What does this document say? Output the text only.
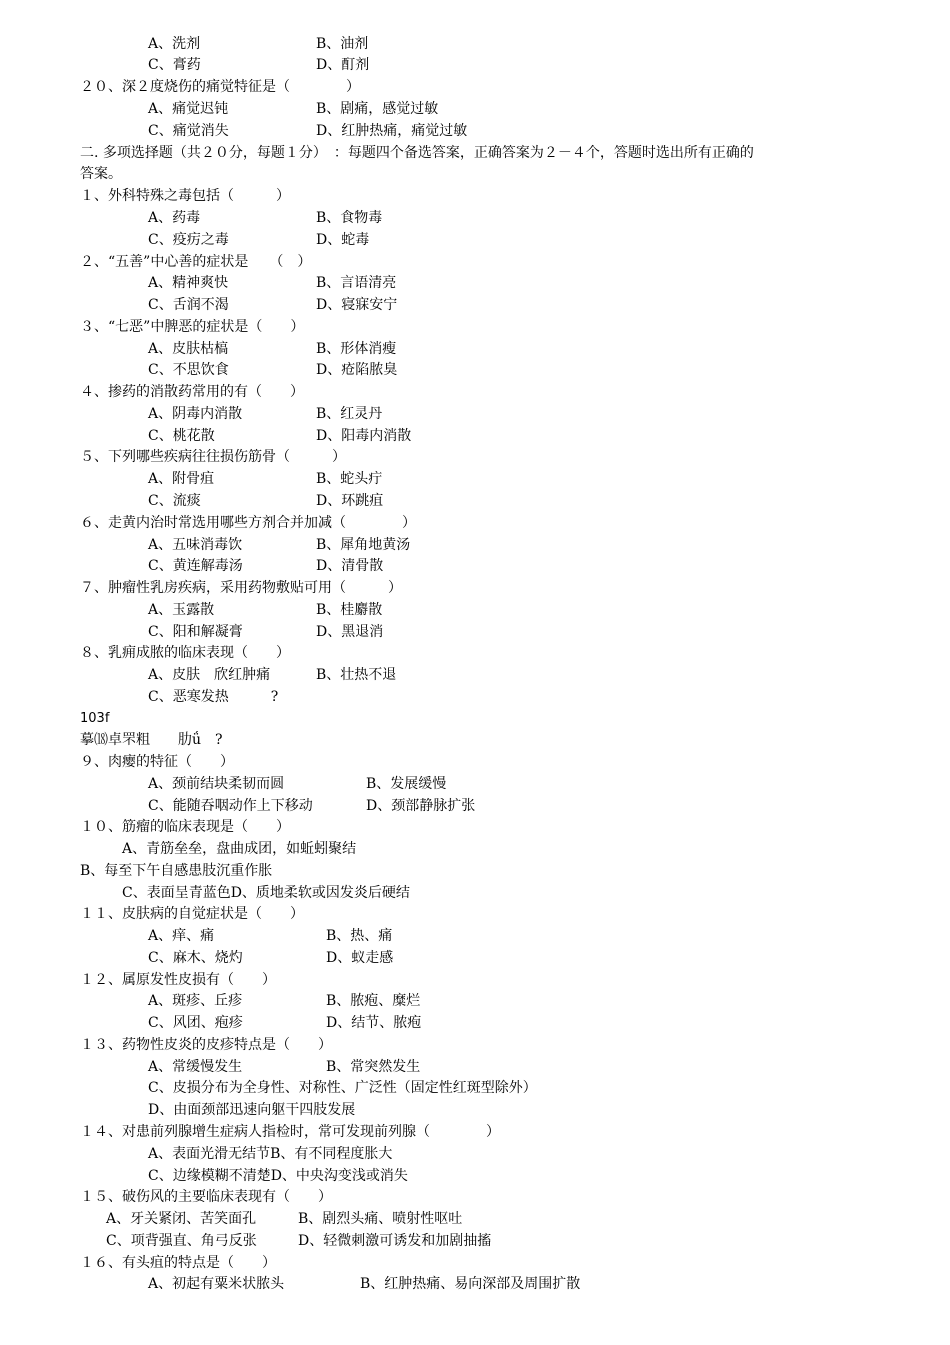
A、洗剂	B、油剂
C、膏药	D、酊剂
２０、深２度烧伤的痛觉特征是（　　　　）
A、痛觉迟钝	B、剧痛，感觉过敏
C、痛觉消失	D、红肿热痛，痛觉过敏
二. 多项选择题（共２０分，每题１分）　：每题四个备选答案，正确答案为２－４个，答题时选出所有正确的
答案。
１、外科特殊之毒包括（　　　）
A、药毒	B、食物毒
C、疫疠之毒	D、蛇毒
２、“五善”中心善的症状是　　（　）
A、精神爽快	B、言语清亮
C、舌润不渴	D、寝寐安宁
３、“七恶”中脾恶的症状是（　　）
A、皮肤枯槁	B、形体消瘦
C、不思饮食	D、疮陷脓臭
４、掺药的消散药常用的有（　　）
A、阴毒内消散	B、红灵丹
C、桃花散	D、阳毒内消散
５、下列哪些疾病往往损伤筋骨（　　　）
A、附骨疽	B、蛇头疔
C、流痰	D、环跳疽
６、走黄内治时常选用哪些方剂合并加减（　　　　）
A、五味消毒饮	B、犀角地黄汤
C、黄连解毒汤	D、清骨散
７、肿瘤性乳房疾病，采用药物敷贴可用（　　　）
A、玉露散	B、桂麝散
C、阳和解凝膏	D、黑退消
８、乳痈成脓的临床表现（　　）
A、皮肤　欣红肿痛	B、壮热不退
C、恶寒发热　　　?
103f
摹⒅卓罘粗　　肋ǘ　?
９、肉瘿的特征（　　）
A、颈前结块柔韧而圆	B、发展缓慢
C、能随吞咽动作上下移动	D、颈部静脉扩张
１０、筋瘤的临床表现是（　　）
A、青筋垒垒，盘曲成团，如蚯蚓聚结
B、每至下午自感患肢沉重作胀
C、表面呈青蓝色D、质地柔软或因发炎后硬结
１１、皮肤病的自觉症状是（　　）
A、痒、痛	B、热、痛
C、麻木、烧灼	D、蚁走感
１２、属原发性皮损有（　　）
A、斑疹、丘疹	B、脓疱、糜烂
C、风团、疱疹	D、结节、脓疱
１３、药物性皮炎的皮疹特点是（　　）
A、常缓慢发生	B、常突然发生
C、皮损分布为全身性、对称性、广泛性（固定性红斑型除外）
D、由面颈部迅速向躯干四肢发展
１４、对患前列腺增生症病人指检时，常可发现前列腺（　　　　）
A、表面光滑无结节B、有不同程度胀大
C、边缘模糊不清楚D、中央沟变浅或消失
１５、破伤风的主要临床表现有（　　）
A、牙关紧闭、苦笑面孔	B、剧烈头痛、喷射性呕吐
C、项背强直、角弓反张	D、轻微刺激可诱发和加剧抽搐
１６、有头疽的特点是（　　）
A、初起有粟米状脓头	B、红肿热痛、易向深部及周围扩散
